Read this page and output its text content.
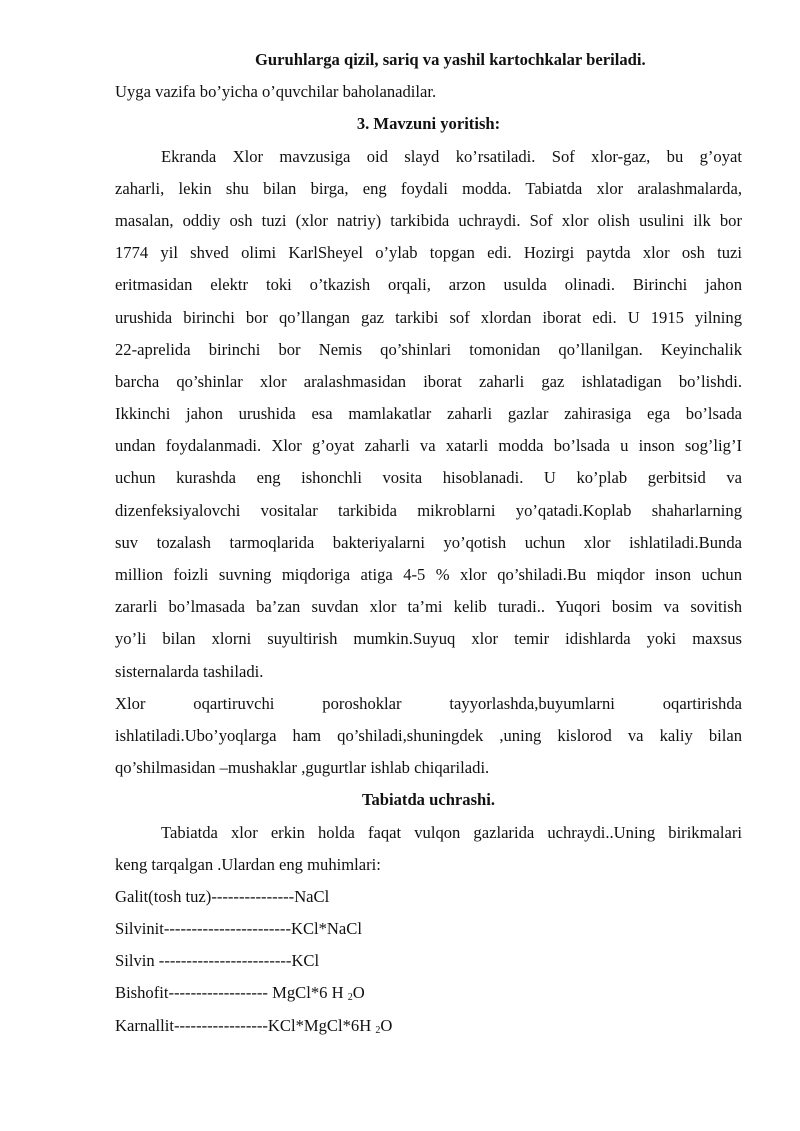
Guruhlarga qizil, sariq va yashil kartochkalar beriladi.
Uyga vazifa bo’yicha o’quvchilar baholanadilar.
3. Mavzuni yoritish:
Ekranda Xlor mavzusiga oid slayd ko’rsatiladi. Sof xlor-gaz, bu g’oyat
zaharli, lekin shu bilan birga, eng foydali modda. Tabiatda xlor aralashmalarda,
masalan, oddiy osh tuzi (xlor natriy) tarkibida uchraydi. Sof xlor olish usulini ilk bor
1774 yil shved olimi KarlSheyel o’ylab topgan edi. Hozirgi paytda xlor osh tuzi
eritmasidan elektr toki o’tkazish orqali, arzon usulda olinadi. Birinchi jahon
urushida birinchi bor qo’llangan gaz tarkibi sof xlordan iborat edi. U 1915 yilning
22-aprelida birinchi bor Nemis qo’shinlari tomonidan qo’llanilgan. Keyinchalik
barcha qo’shinlar xlor aralashmasidan iborat zaharli gaz ishlatadigan bo’lishdi.
Ikkinchi jahon urushida esa mamlakatlar zaharli gazlar zahirasiga ega bo’lsada
undan foydalanmadi. Xlor g’oyat zaharli va xatarli modda bo’lsada u inson sog’lig’I
uchun kurashda eng ishonchli vosita hisoblanadi. U ko’plab gerbitsid va
dizenfeksiyalovchi vositalar tarkibida mikroblarni yo’qatadi.Koplab shaharlarning
suv tozalash tarmoqlarida bakteriyalarni yo’qotish uchun xlor ishlatiladi.Bunda
million foizli suvning miqdoriga atiga 4-5 % xlor qo’shiladi.Bu miqdor inson uchun
zararli bo’lmasada ba’zan suvdan xlor ta’mi kelib turadi.. Yuqori bosim va sovitish
yo’li bilan xlorni suyultirish mumkin.Suyuq xlor temir idishlarda yoki maxsus
sisternalarda tashiladi.
Xlor oqartiruvchi poroshoklar tayyorlashda,buyumlarni oqartirishda
ishlatiladi.Ubo’yoqlarga ham qo’shiladi,shuningdek ,uning kislorod va kaliy bilan
qo’shilmasidan –mushaklar ,gugurtlar ishlab chiqariladi.
Tabiatda uchrashi.
Tabiatda xlor erkin holda faqat vulqon gazlarida uchraydi..Uning birikmalari
keng tarqalgan .Ulardan eng muhimlari:
Galit(tosh tuz)---------------NaCl
Silvinit-----------------------KCl*NaCl
Silvin ------------------------KCl
Bishofit------------------ MgCl*6 H $_2$O
Karnallit-----------------KCl*MgCl*6H $_2$O
